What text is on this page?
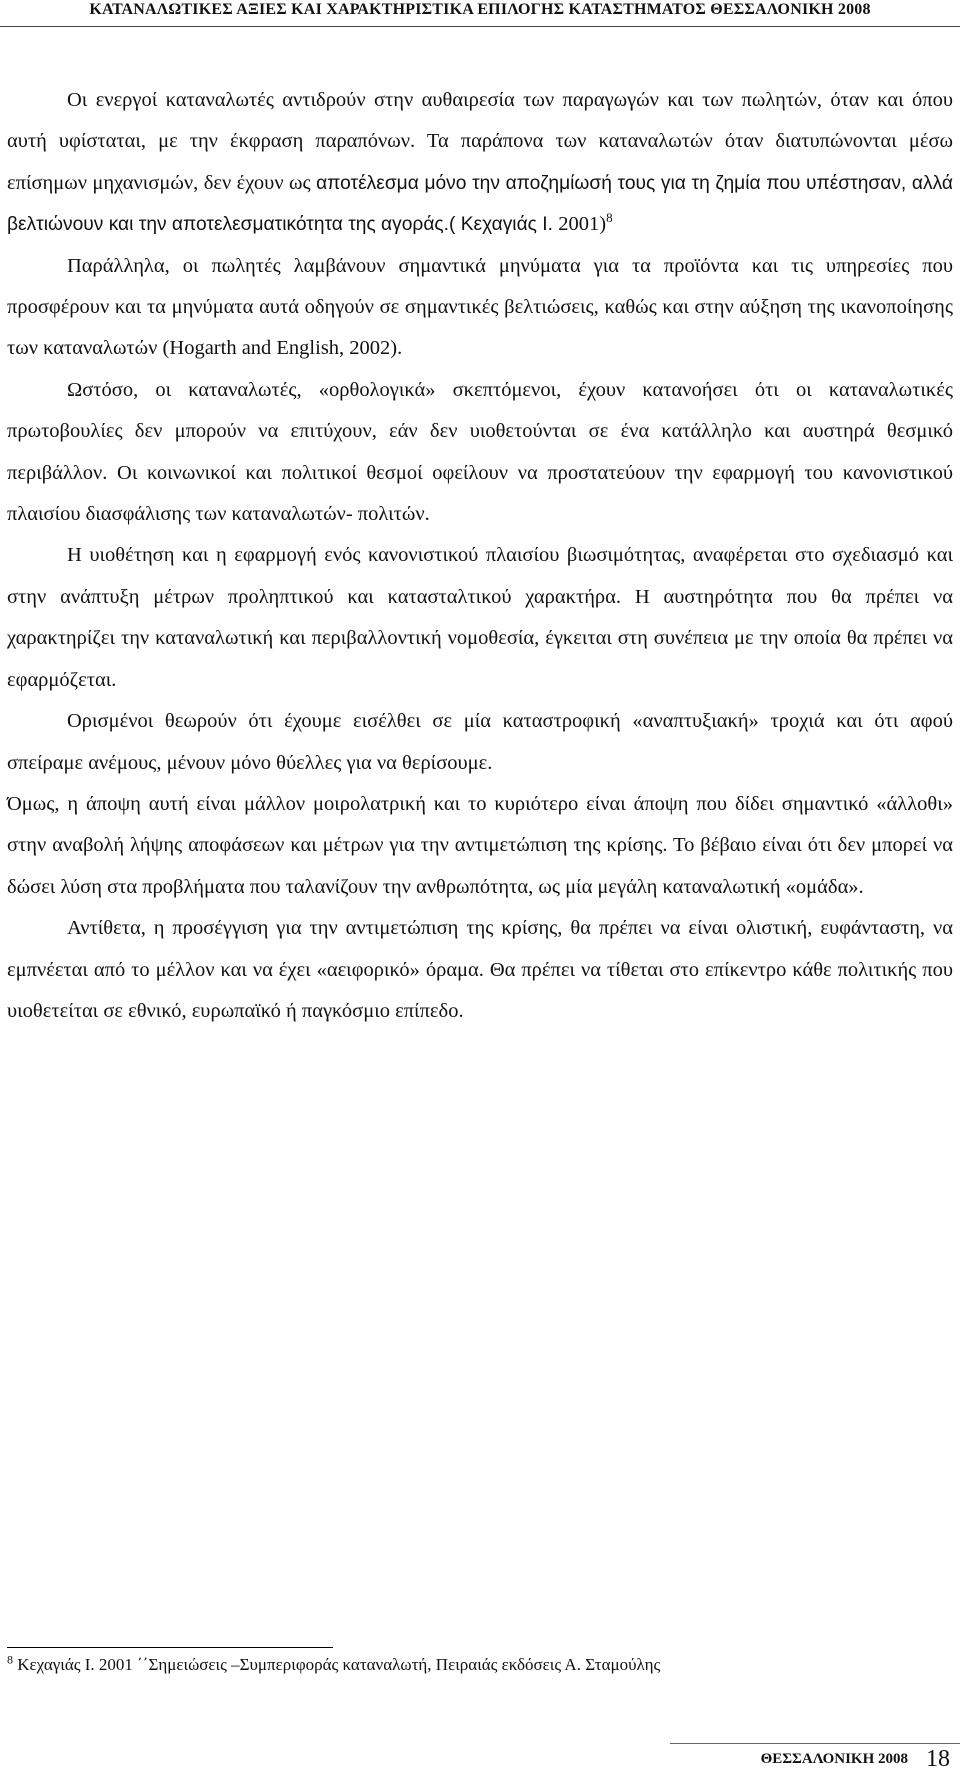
ΚΑΤΑΝΑΛΩΤΙΚΕΣ ΑΞΙΕΣ ΚΑΙ ΧΑΡΑΚΤΗΡΙΣΤΙΚΑ ΕΠΙΛΟΓΗΣ ΚΑΤΑΣΤΗΜΑΤΟΣ ΘΕΣΣΑΛΟΝΙΚΗ 2008

Οι ενεργοί καταναλωτές αντιδρούν στην αυθαιρεσία των παραγωγών και των πωλητών, όταν και όπου αυτή υφίσταται, με την έκφραση παραπόνων. Τα παράπονα των καταναλωτών όταν διατυπώνονται μέσω επίσημων μηχανισμών, δεν έχουν ως αποτέλεσμα μόνο την αποζημίωσή τους για τη ζημία που υπέστησαν, αλλά βελτιώνουν και την αποτελεσματικότητα της αγοράς.( Κεχαγιάς Ι. 2001)$^8$

Παράλληλα, οι πωλητές λαμβάνουν σημαντικά μηνύματα για τα προϊόντα και τις υπηρεσίες που προσφέρουν και τα μηνύματα αυτά οδηγούν σε σημαντικές βελτιώσεις, καθώς και στην αύξηση της ικανοποίησης των καταναλωτών (Hogarth and English, 2002).

Ωστόσο, οι καταναλωτές, «ορθολογικά» σκεπτόμενοι, έχουν κατανοήσει ότι οι καταναλωτικές πρωτοβουλίες δεν μπορούν να επιτύχουν, εάν δεν υιοθετούνται σε ένα κατάλληλο και αυστηρά θεσμικό περιβάλλον. Οι κοινωνικοί και πολιτικοί θεσμοί οφείλουν να προστατεύουν την εφαρμογή του κανονιστικού πλαισίου διασφάλισης των καταναλωτών- πολιτών.

Η υιοθέτηση και η εφαρμογή ενός κανονιστικού πλαισίου βιωσιμότητας, αναφέρεται στο σχεδιασμό και στην ανάπτυξη μέτρων προληπτικού και κατασταλτικού χαρακτήρα. Η αυστηρότητα που θα πρέπει να χαρακτηρίζει την καταναλωτική και περιβαλλοντική νομοθεσία, έγκειται στη συνέπεια με την οποία θα πρέπει να εφαρμόζεται.

Ορισμένοι θεωρούν ότι έχουμε εισέλθει σε μία καταστροφική «αναπτυξιακή» τροχιά και ότι αφού σπείραμε ανέμους, μένουν μόνο θύελλες για να θερίσουμε.

Όμως, η άποψη αυτή είναι μάλλον μοιρολατρική και το κυριότερο είναι άποψη που δίδει σημαντικό «άλλοθι» στην αναβολή λήψης αποφάσεων και μέτρων για την αντιμετώπιση της κρίσης. Το βέβαιο είναι ότι δεν μπορεί να δώσει λύση στα προβλήματα που ταλανίζουν την ανθρωπότητα, ως μία μεγάλη καταναλωτική «ομάδα».

Αντίθετα, η προσέγγιση για την αντιμετώπιση της κρίσης, θα πρέπει να είναι ολιστική, ευφάνταστη, να εμπνέεται από το μέλλον και να έχει «αειφορικό» όραμα. Θα πρέπει να τίθεται στο επίκεντρο κάθε πολιτικής που υιοθετείται σε εθνικό, ευρωπαϊκό ή παγκόσμιο επίπεδο.

$^8$ Κεχαγιάς Ι. 2001 ΄΄Σημειώσεις –Συμπεριφοράς καταναλωτή, Πειραιάς εκδόσεις Α. Σταμούλης
ΘΕΣΣΑΛΟΝΙΚΗ 2008 18
